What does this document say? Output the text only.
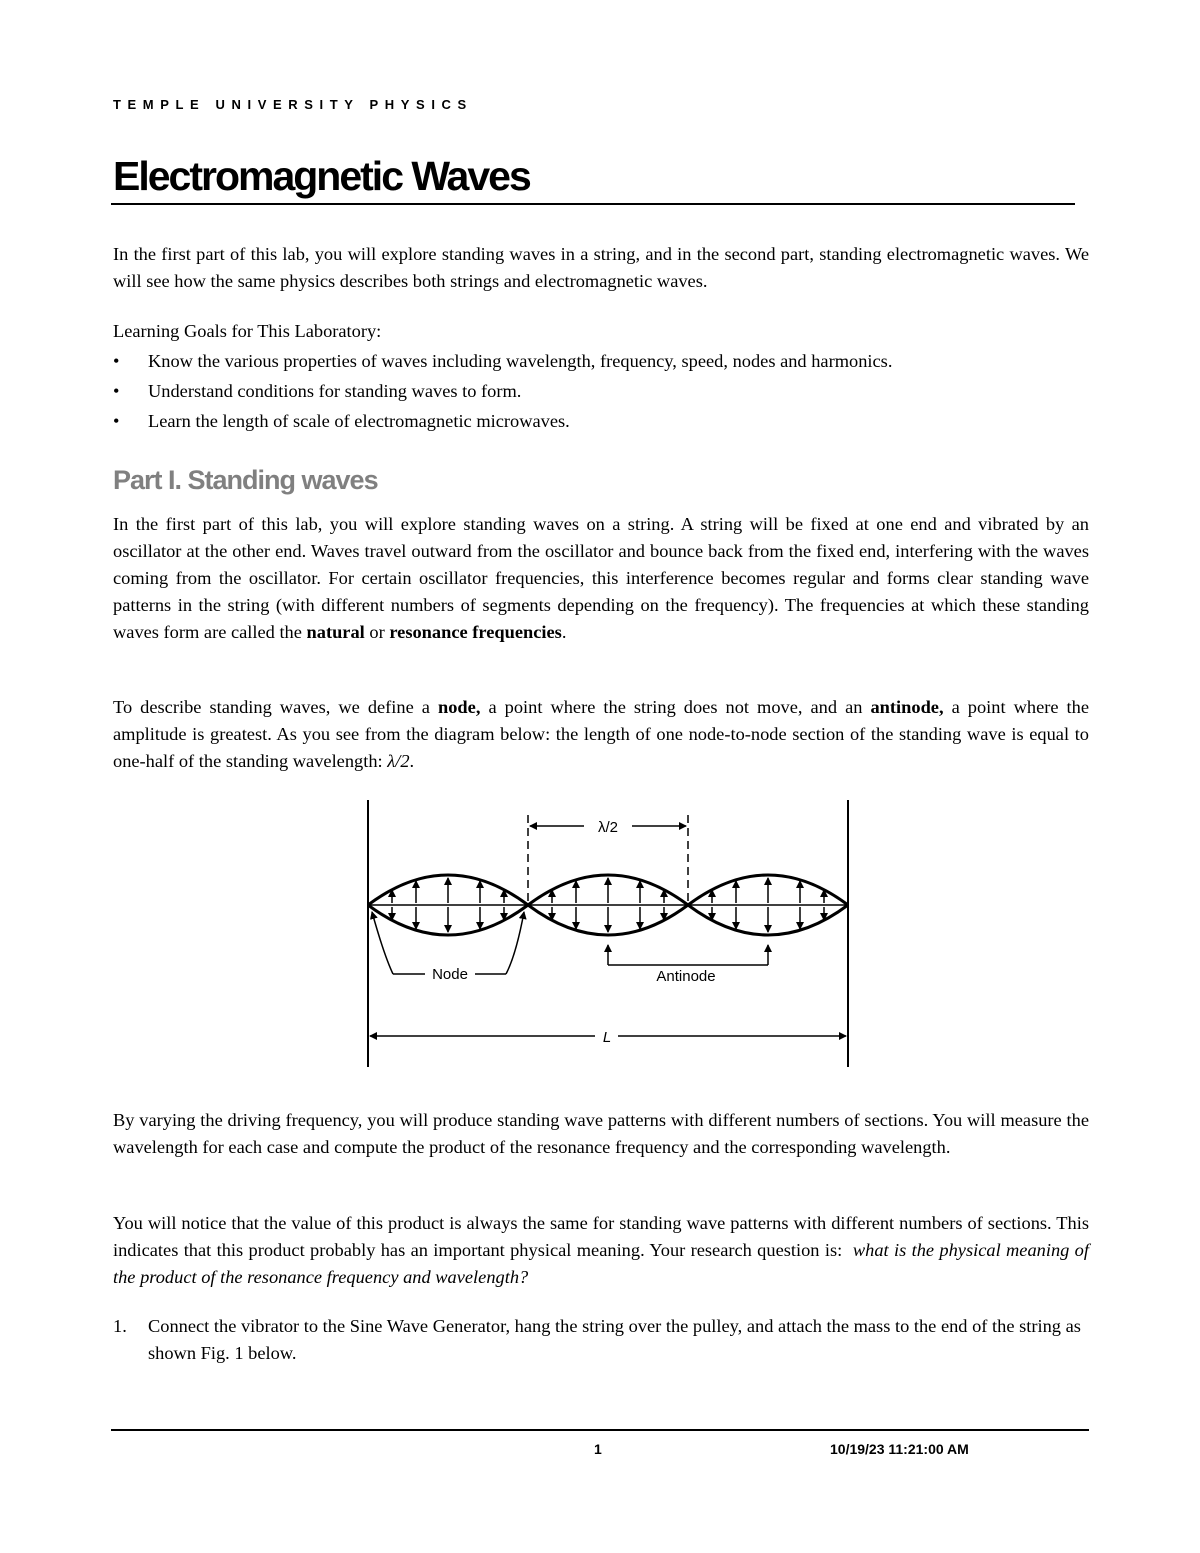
TEMPLE UNIVERSITY PHYSICS
Electromagnetic Waves

In the first part of this lab, you will explore standing waves in a string, and in the second part, standing electromagnetic waves. We will see how the same physics describes both strings and electromagnetic waves.

Learning Goals for This Laboratory:
• Know the various properties of waves including wavelength, frequency, speed, nodes and harmonics.
• Understand conditions for standing waves to form.
• Learn the length of scale of electromagnetic microwaves.
Part I. Standing waves

In the first part of this lab, you will explore standing waves on a string. A string will be fixed at one end and vibrated by an oscillator at the other end. Waves travel outward from the oscillator and bounce back from the fixed end, interfering with the waves coming from the oscillator. For certain oscillator frequencies, this interference becomes regular and forms clear standing wave patterns in the string (with different numbers of segments depending on the frequency). The frequencies at which these standing waves form are called the natural or resonance frequencies.

To describe standing waves, we define a node, a point where the string does not move, and an antinode, a point where the amplitude is greatest. As you see from the diagram below: the length of one node-to-node section of the standing wave is equal to one-half of the standing wavelength: λ/2.

λ/2
Node	Antinode
L

By varying the driving frequency, you will produce standing wave patterns with different numbers of sections. You will measure the wavelength for each case and compute the product of the resonance frequency and the corresponding wavelength.

You will notice that the value of this product is always the same for standing wave patterns with different numbers of sections. This indicates that this product probably has an important physical meaning. Your research question is: what is the physical meaning of the product of the resonance frequency and wavelength?

1. Connect the vibrator to the Sine Wave Generator, hang the string over the pulley, and attach the mass to the end of the string as shown Fig. 1 below.
1	10/19/23 11:21:00 AM
